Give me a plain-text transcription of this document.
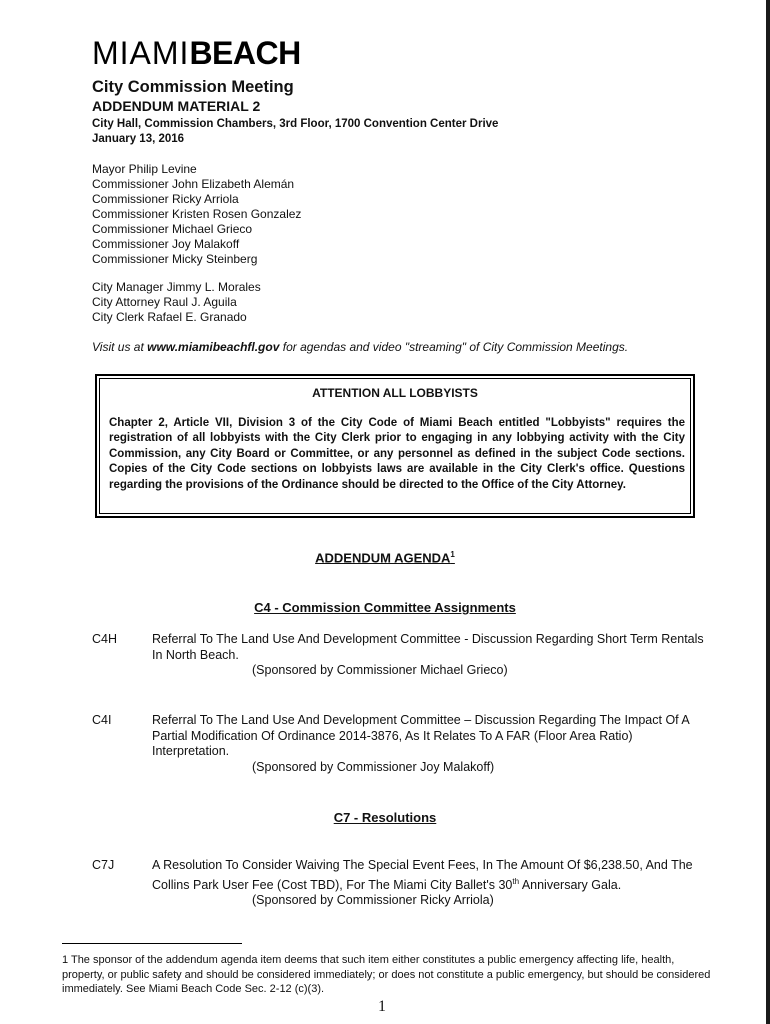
MIAMIBEACH
City Commission Meeting
ADDENDUM MATERIAL 2
City Hall, Commission Chambers, 3rd Floor, 1700 Convention Center Drive
January 13, 2016
Mayor Philip Levine
Commissioner John Elizabeth Alemán
Commissioner Ricky Arriola
Commissioner Kristen Rosen Gonzalez
Commissioner Michael Grieco
Commissioner Joy Malakoff
Commissioner Micky Steinberg
City Manager Jimmy L. Morales
City Attorney Raul J. Aguila
City Clerk Rafael E. Granado
Visit us at www.miamibeachfl.gov for agendas and video "streaming" of City Commission Meetings.
ATTENTION ALL LOBBYISTS
Chapter 2, Article VII, Division 3 of the City Code of Miami Beach entitled "Lobbyists" requires the registration of all lobbyists with the City Clerk prior to engaging in any lobbying activity with the City Commission, any City Board or Committee, or any personnel as defined in the subject Code sections. Copies of the City Code sections on lobbyists laws are available in the City Clerk's office. Questions regarding the provisions of the Ordinance should be directed to the Office of the City Attorney.
ADDENDUM AGENDA$^1$
C4 - Commission Committee Assignments
C4H	Referral To The Land Use And Development Committee - Discussion Regarding Short Term Rentals In North Beach.
(Sponsored by Commissioner Michael Grieco)
C4I	Referral To The Land Use And Development Committee – Discussion Regarding The Impact Of A Partial Modification Of Ordinance 2014-3876, As It Relates To A FAR (Floor Area Ratio) Interpretation.
(Sponsored by Commissioner Joy Malakoff)
C7 - Resolutions
C7J	A Resolution To Consider Waiving The Special Event Fees, In The Amount Of $6,238.50, And The Collins Park User Fee (Cost TBD), For The Miami City Ballet's 30th Anniversary Gala.
(Sponsored by Commissioner Ricky Arriola)
1 The sponsor of the addendum agenda item deems that such item either constitutes a public emergency affecting life, health, property, or public safety and should be considered immediately; or does not constitute a public emergency, but should be considered immediately. See Miami Beach Code Sec. 2-12 (c)(3).
1
